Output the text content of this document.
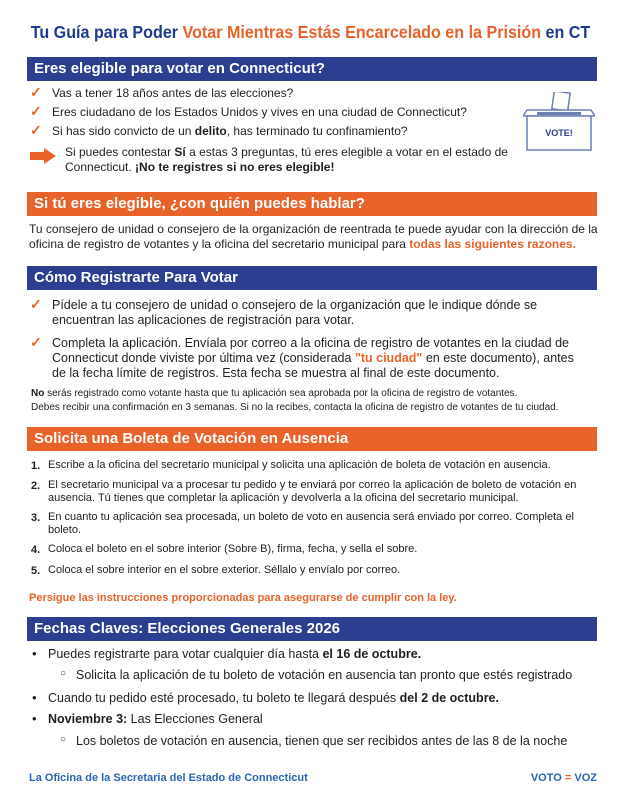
Tu Guía para Poder Votar Mientras Estás Encarcelado en la Prisión en CT
Eres elegible para votar en Connecticut?
✓ Vas a tener 18 años antes de las elecciones?
✓ Eres ciudadano de los Estados Unidos y vives en una ciudad de Connecticut?
✓ Si has sido convicto de un delito, has terminado tu confinamiento?
Si puedes contestar Sí a estas 3 preguntas, tú eres elegible a votar en el estado de
Connecticut. ¡No te registres si no eres elegible!
VOTE!
Si tú eres elegible, ¿con quién puedes hablar?
Tu consejero de unidad o consejero de la organización de reentrada te puede ayudar con la dirección de la
oficina de registro de votantes y la oficina del secretario municipal para todas las siguientes razones.
Cómo Registrarte Para Votar
✓ Pídele a tu consejero de unidad o consejero de la organización que le indique dónde se
encuentran las aplicaciones de registración para votar.
✓ Completa la aplicación. Envíala por correo a la oficina de registro de votantes en la ciudad de
Connecticut donde viviste por última vez (considerada "tu ciudad" en este documento), antes
de la fecha límite de registros. Esta fecha se muestra al final de este documento.
No serás registrado como votante hasta que tu aplicación sea aprobada por la oficina de registro de votantes.
Debes recibir una confirmación en 3 semanas. Si no la recibes, contacta la oficina de registro de votantes de tu ciudad.
Solicita una Boleta de Votación en Ausencia
1. Escribe a la oficina del secretario municipal y solicita una aplicación de boleta de votación en ausencia.
2. El secretario municipal va a procesar tu pedido y te enviará por correo la aplicación de boleto de votación en
ausencia. Tú tienes que completar la aplicación y devolverla a la oficina del secretario municipal.
3. En cuanto tu aplicación sea procesada, un boleto de voto en ausencia será enviado por correo. Completa el
boleto.
4. Coloca el boleto en el sobre interior (Sobre B), firma, fecha, y sella el sobre.
5. Coloca el sobre interior en el sobre exterior. Séllalo y envíalo por correo.
Persigue las instrucciones proporcionadas para asegurarse de cumplir con la ley.
Fechas Claves: Elecciones Generales 2026
• Puedes registrarte para votar cualquier día hasta el 16 de octubre.
○ Solicita la aplicación de tu boleto de votación en ausencia tan pronto que estés registrado
• Cuando tu pedido esté procesado, tu boleto te llegará después del 2 de octubre.
• Noviembre 3: Las Elecciones General
○ Los boletos de votación en ausencia, tienen que ser recibidos antes de las 8 de la noche
La Oficina de la Secretaria del Estado de Connecticut	VOTO = VOZ
